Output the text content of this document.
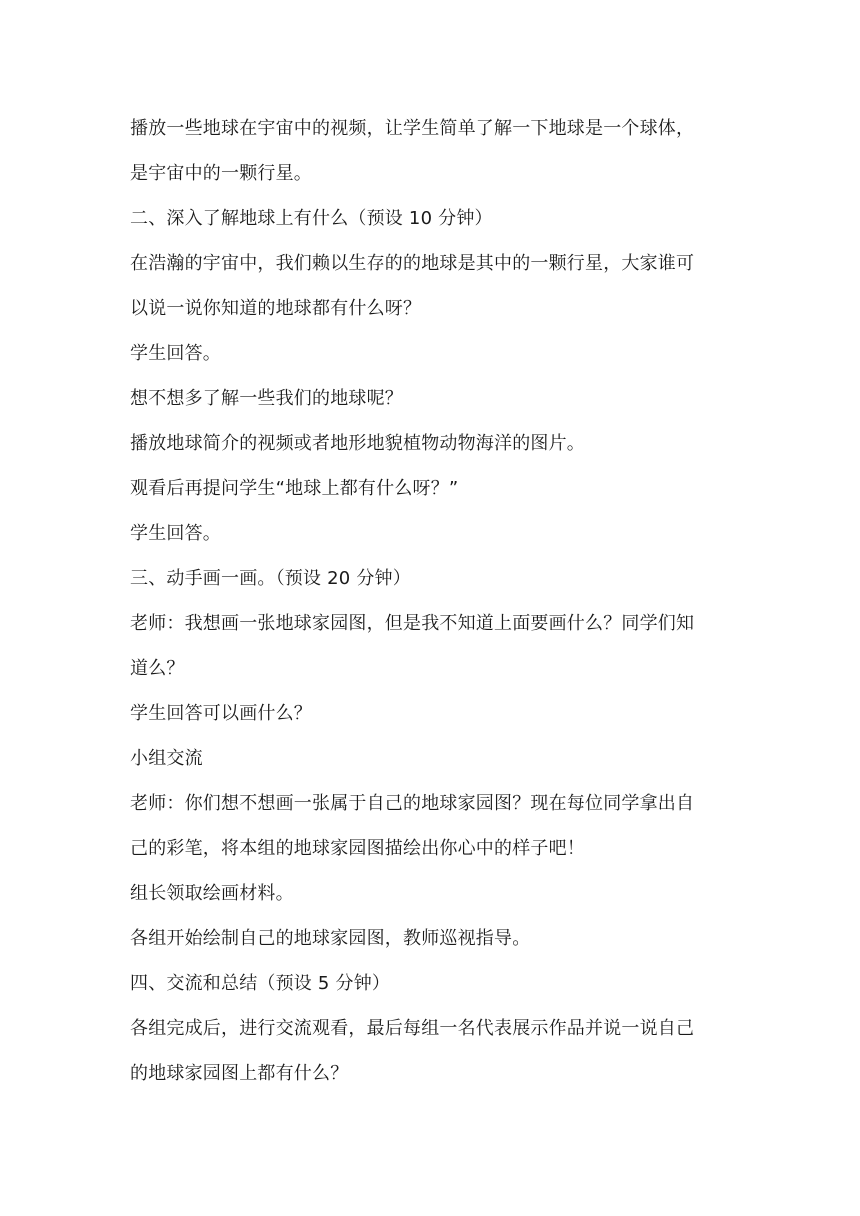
播放一些地球在宇宙中的视频，让学生简单了解一下地球是一个球体，
是宇宙中的一颗行星。
二、深入了解地球上有什么（预设 10 分钟）
在浩瀚的宇宙中，我们赖以生存的的地球是其中的一颗行星，大家谁可
以说一说你知道的地球都有什么呀？
学生回答。
想不想多了解一些我们的地球呢？
播放地球简介的视频或者地形地貌植物动物海洋的图片。
观看后再提问学生“地球上都有什么呀？”
学生回答。
三、动手画一画。（预设 20 分钟）
老师：我想画一张地球家园图，但是我不知道上面要画什么？同学们知
道么？
学生回答可以画什么？
小组交流
老师：你们想不想画一张属于自己的地球家园图？现在每位同学拿出自
己的彩笔，将本组的地球家园图描绘出你心中的样子吧！
组长领取绘画材料。
各组开始绘制自己的地球家园图，教师巡视指导。
四、交流和总结（预设 5 分钟）
各组完成后，进行交流观看，最后每组一名代表展示作品并说一说自己
的地球家园图上都有什么？
